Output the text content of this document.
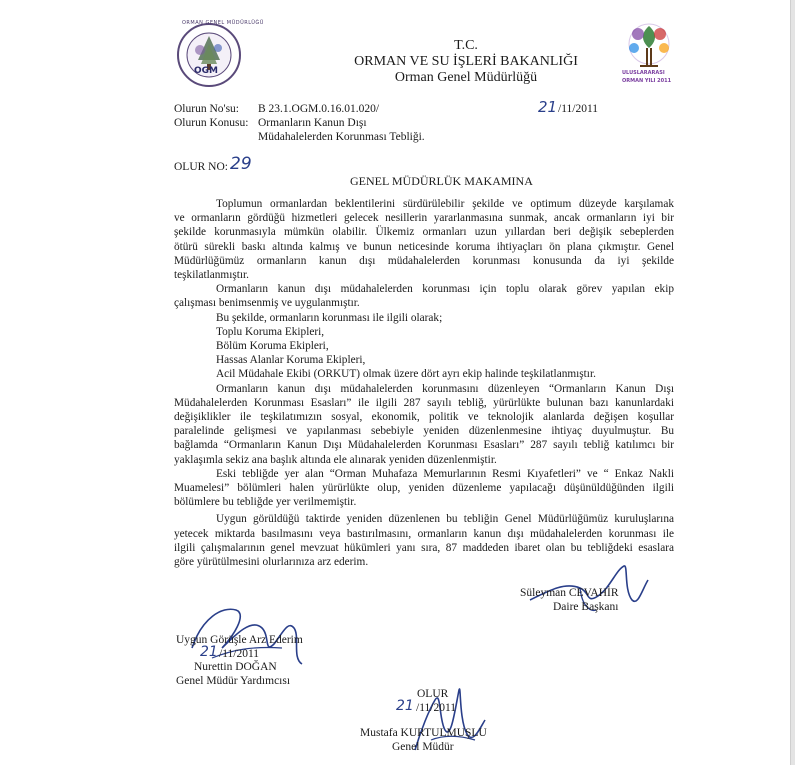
OGM
ORMAN GENEL MÜDÜRLÜĞÜ
ULUSLARARASI
ORMAN YILI 2011
T.C.
ORMAN VE SU İŞLERİ BAKANLIĞI
Orman Genel Müdürlüğü
Olurun No'su: B 23.1.OGM.0.16.01.020/	21 /11/2011
Olurun Konusu: Ormanların Kanun Dışı
Müdahalelerden Korunması Tebliği.
OLUR NO: 29
GENEL MÜDÜRLÜK MAKAMINA
Toplumun ormanlardan beklentilerini sürdürülebilir şekilde ve optimum düzeyde karşılamak
ve ormanların gördüğü hizmetleri gelecek nesillerin yararlanmasına sunmak, ancak ormanların iyi bir
şekilde korunmasıyla mümkün olabilir. Ülkemiz ormanları uzun yıllardan beri değişik sebeplerden
ötürü sürekli baskı altında kalmış ve bunun neticesinde koruma ihtiyaçları ön plana çıkmıştır. Genel
Müdürlüğümüz ormanların kanun dışı müdahalelerden korunması konusunda da iyi şekilde
teşkilatlanmıştır.
Ormanların kanun dışı müdahalelerden korunması için toplu olarak görev yapılan ekip
çalışması benimsenmiş ve uygulanmıştır.
Bu şekilde, ormanların korunması ile ilgili olarak;
Toplu Koruma Ekipleri,
Bölüm Koruma Ekipleri,
Hassas Alanlar Koruma Ekipleri,
Acil Müdahale Ekibi (ORKUT) olmak üzere dört ayrı ekip halinde teşkilatlanmıştır.
Ormanların kanun dışı müdahalelerden korunmasını düzenleyen “Ormanların Kanun Dışı
Müdahalelerden Korunması Esasları” ile ilgili 287 sayılı tebliğ, yürürlükte bulunan bazı kanunlardaki
değişiklikler ile teşkilatımızın sosyal, ekonomik, politik ve teknolojik alanlarda değişen koşullar
paralelinde gelişmesi ve yapılanması sebebiyle yeniden düzenlenmesine ihtiyaç duyulmuştur. Bu
bağlamda “Ormanların Kanun Dışı Müdahalelerden Korunması Esasları” 287 sayılı tebliğ katılımcı bir
yaklaşımla sekiz ana başlık altında ele alınarak yeniden düzenlenmiştir.
Eski tebliğde yer alan “Orman Muhafaza Memurlarının Resmi Kıyafetleri” ve “ Enkaz Nakli
Muamelesi” bölümleri halen yürürlükte olup, yeniden düzenleme yapılacağı düşünüldüğünden ilgili
bölümlere bu tebliğde yer verilmemiştir.
Uygun görüldüğü taktirde yeniden düzenlenen bu tebliğin Genel Müdürlüğümüz kuruluşlarına
yetecek miktarda basılmasını veya bastırılmasını, ormanların kanun dışı müdahalelerden korunması ile
ilgili çalışmalarının genel mevzuat hükümleri yanı sıra, 87 maddeden ibaret olan bu tebliğdeki esaslara
göre yürütülmesini olurlarınıza arz ederim.
Süleyman CEVAHİR
Daire Başkanı
Uygun Görüşle Arz Ederim
21 /11/2011
Nurettin DOĞAN
Genel Müdür Yardımcısı
OLUR
21 /11/2011
Mustafa KURTULMUŞLU
Genel Müdür
